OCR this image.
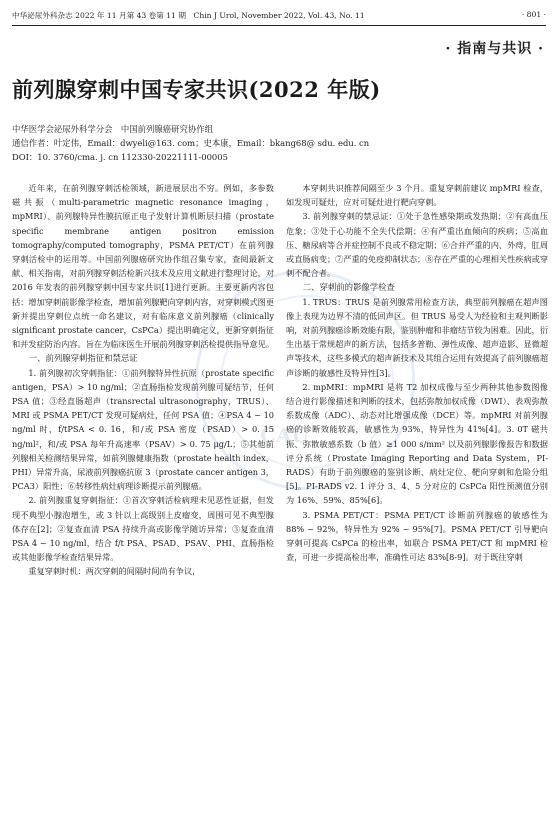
中华泌尿外科杂志 2022 年 11 月第 43 卷第 11 期　Chin J Urol, November 2022, Vol. 43, No. 11	· 801 ·
· 指南与共识 ·
前列腺穿刺中国专家共识(2022 年版)
中华医学会泌尿外科学分会　中国前列腺癌研究协作组
通信作者：叶定伟，Email：dwyeli@163. com；史本康，Email：bkang68@ sdu. edu. cn
DOI：10. 3760/cma. j. cn 112330-20221111-00005
CAU

近年来，在前列腺穿刺活检领域，新进展层出不穷。例如，多参数磁共振（multi-parametric magnetic resonance imaging，mpMRI）、前列腺特异性膜抗原正电子发射计算机断层扫描（prostate specific membrane antigen positron emission tomography/computed tomography，PSMA PET/CT）在前列腺穿刺活检中的运用等。中国前列腺癌研究协作组召集专家，查阅最新文献、相关指南，对前列腺穿刺活检新兴技术及应用文献进行整理讨论，对 2016 年发表的前列腺穿刺中国专家共识[1]进行更新。主要更新内容包括：增加穿刺前影像学检查，增加前列腺靶向穿刺内容，对穿刺模式图更新并提出穿刺位点统一命名建议，对有临床意义前列腺癌（clinically significant prostate cancer，CsPCa）提出明确定义，更新穿刺指征和并发症防治内容。旨在为临床医生开展前列腺穿刺活检提供指导意见。

一、前列腺穿刺指征和禁忌证

1. 前列腺初次穿刺指征：①前列腺特异性抗原（prostate specific antigen，PSA）> 10 ng/ml；②直肠指检发现前列腺可疑结节，任何 PSA 值；③经直肠超声（transrectal ultrasonography，TRUS）、MRI 或 PSMA PET/CT 发现可疑病灶，任何 PSA 值；④PSA 4 ~ 10 ng/ml 时，f/tPSA < 0. 16，和/或 PSA 密度（PSAD）> 0. 15 ng/ml²，和/或 PSA 每年升高速率（PSAV）> 0. 75 μg/L；⑤其他前列腺相关检测结果异常，如前列腺健康指数（prostate health index，PHI）异常升高，尿液前列腺癌抗原 3（prostate cancer antigen 3，PCA3）阳性；⑥转移性病灶病理诊断提示前列腺癌。

2. 前列腺重复穿刺指征：①首次穿刺活检病理未见恶性证据，但发现不典型小腺泡增生，或 3 针以上高级别上皮瘤变，周围可见不典型腺体存在[2]；②复查血清 PSA 持续升高或影像学随访异常；③复查血清 PSA 4 ~ 10 ng/ml，结合 f/t PSA、PSAD、PSAV、PHI、直肠指检或其他影像学检查结果异常。

重复穿刺时机：两次穿刺的间隔时间尚有争议，

本穿刺共识推荐间隔至少 3 个月。重复穿刺前建议 mpMRI 检查，如发现可疑灶，应对可疑灶进行靶向穿刺。

3. 前列腺穿刺的禁忌证：①处于急性感染期或发热期；②有高血压危象；③处于心功能不全失代偿期；④有严重出血倾向的疾病；⑤高血压、糖尿病等合并症控制不良或不稳定期；⑥合并严重的内、外痔，肛周或直肠病变；⑦严重的免疫抑制状态；⑧存在严重的心理相关性疾病或穿刺不配合者。

二、穿刺前的影像学检查

1. TRUS：TRUS 是前列腺常用检查方法，典型前列腺癌在超声图像上表现为边界不清的低回声区。但 TRUS 易受人为经验和主观判断影响，对前列腺癌诊断效能有限，鉴别肿瘤和非瘤结节较为困难。因此，衍生出基于常规超声的新方法，包括多普勒、弹性成像、超声造影、显微超声等技术，这些多模式的超声新技术及其组合运用有效提高了前列腺癌超声诊断的敏感性及特异性[3]。

2. mpMRI：mpMRI 是将 T2 加权成像与至少两种其他参数图像结合进行影像描述和判断的技术，包括弥散加权成像（DWI）、表观弥散系数成像（ADC）、动态对比增强成像（DCE）等。mpMRI 对前列腺癌的诊断效能较高，敏感性为 93%，特异性为 41%[4]。3. 0T 磁共振、弥散敏感系数（b 值）≥1 000 s/mm² 以及前列腺影像报告和数据评分系统（Prostate Imaging Reporting and Data System，PI-RADS）有助于前列腺癌的鉴别诊断、病灶定位、靶向穿刺和危险分组[5]。PI-RADS v2. 1 评分 3、4、5 分对应的 CsPCa 阳性预测值分别为 16%、59%、85%[6]。

3. PSMA PET/CT：PSMA PET/CT 诊断前列腺癌的敏感性为 88% ~ 92%，特异性为 92% ~ 95%[7]。PSMA PET/CT 引导靶向穿刺可提高 CsPCa 的检出率，如联合 PSMA PET/CT 和 mpMRI 检查，可进一步提高检出率，准确性可达 83%[8-9]。对于既往穿刺
